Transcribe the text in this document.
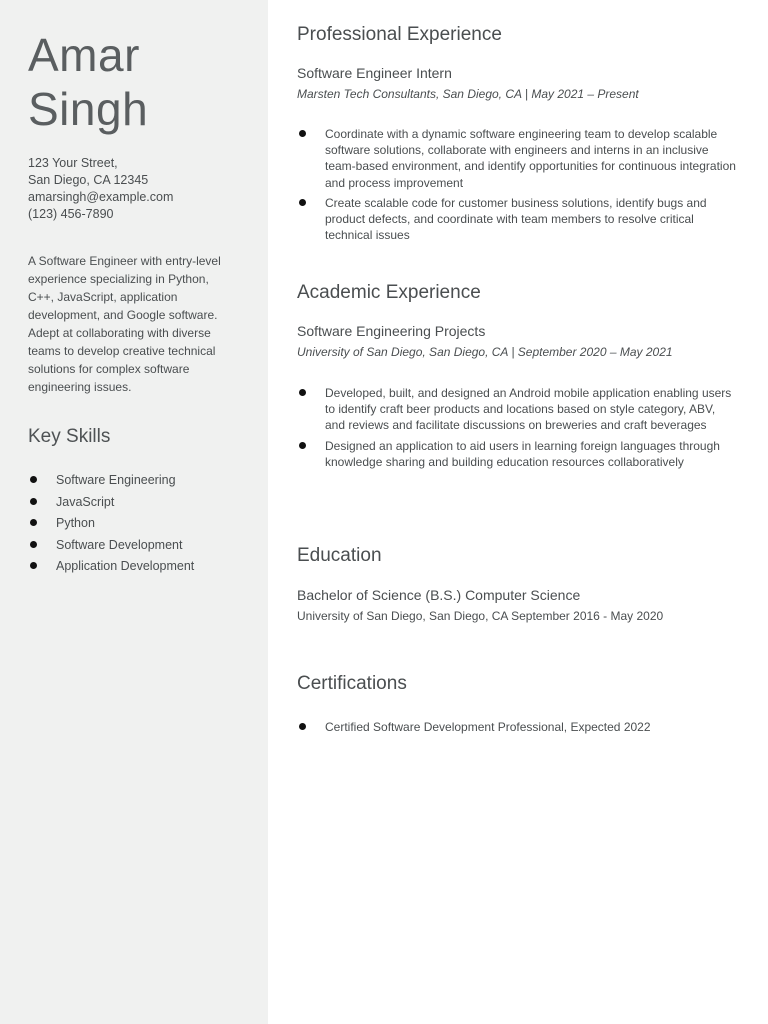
Amar
Singh
123 Your Street,
San Diego, CA 12345
amarsingh@example.com
(123) 456-7890
A Software Engineer with entry-level experience specializing in Python, C++, JavaScript, application development, and Google software. Adept at collaborating with diverse teams to develop creative technical solutions for complex software engineering issues.
Key Skills
Software Engineering
JavaScript
Python
Software Development
Application Development
Professional Experience
Software Engineer Intern
Marsten Tech Consultants, San Diego, CA | May 2021 – Present
Coordinate with a dynamic software engineering team to develop scalable software solutions, collaborate with engineers and interns in an inclusive team-based environment, and identify opportunities for continuous integration and process improvement
Create scalable code for customer business solutions, identify bugs and product defects, and coordinate with team members to resolve critical technical issues
Academic Experience
Software Engineering Projects
University of San Diego, San Diego, CA | September 2020 – May 2021
Developed, built, and designed an Android mobile application enabling users to identify craft beer products and locations based on style category, ABV, and reviews and facilitate discussions on breweries and craft beverages
Designed an application to aid users in learning foreign languages through knowledge sharing and building education resources collaboratively
Education
Bachelor of Science (B.S.) Computer Science
University of San Diego, San Diego, CA September 2016 - May 2020
Certifications
Certified Software Development Professional, Expected 2022
